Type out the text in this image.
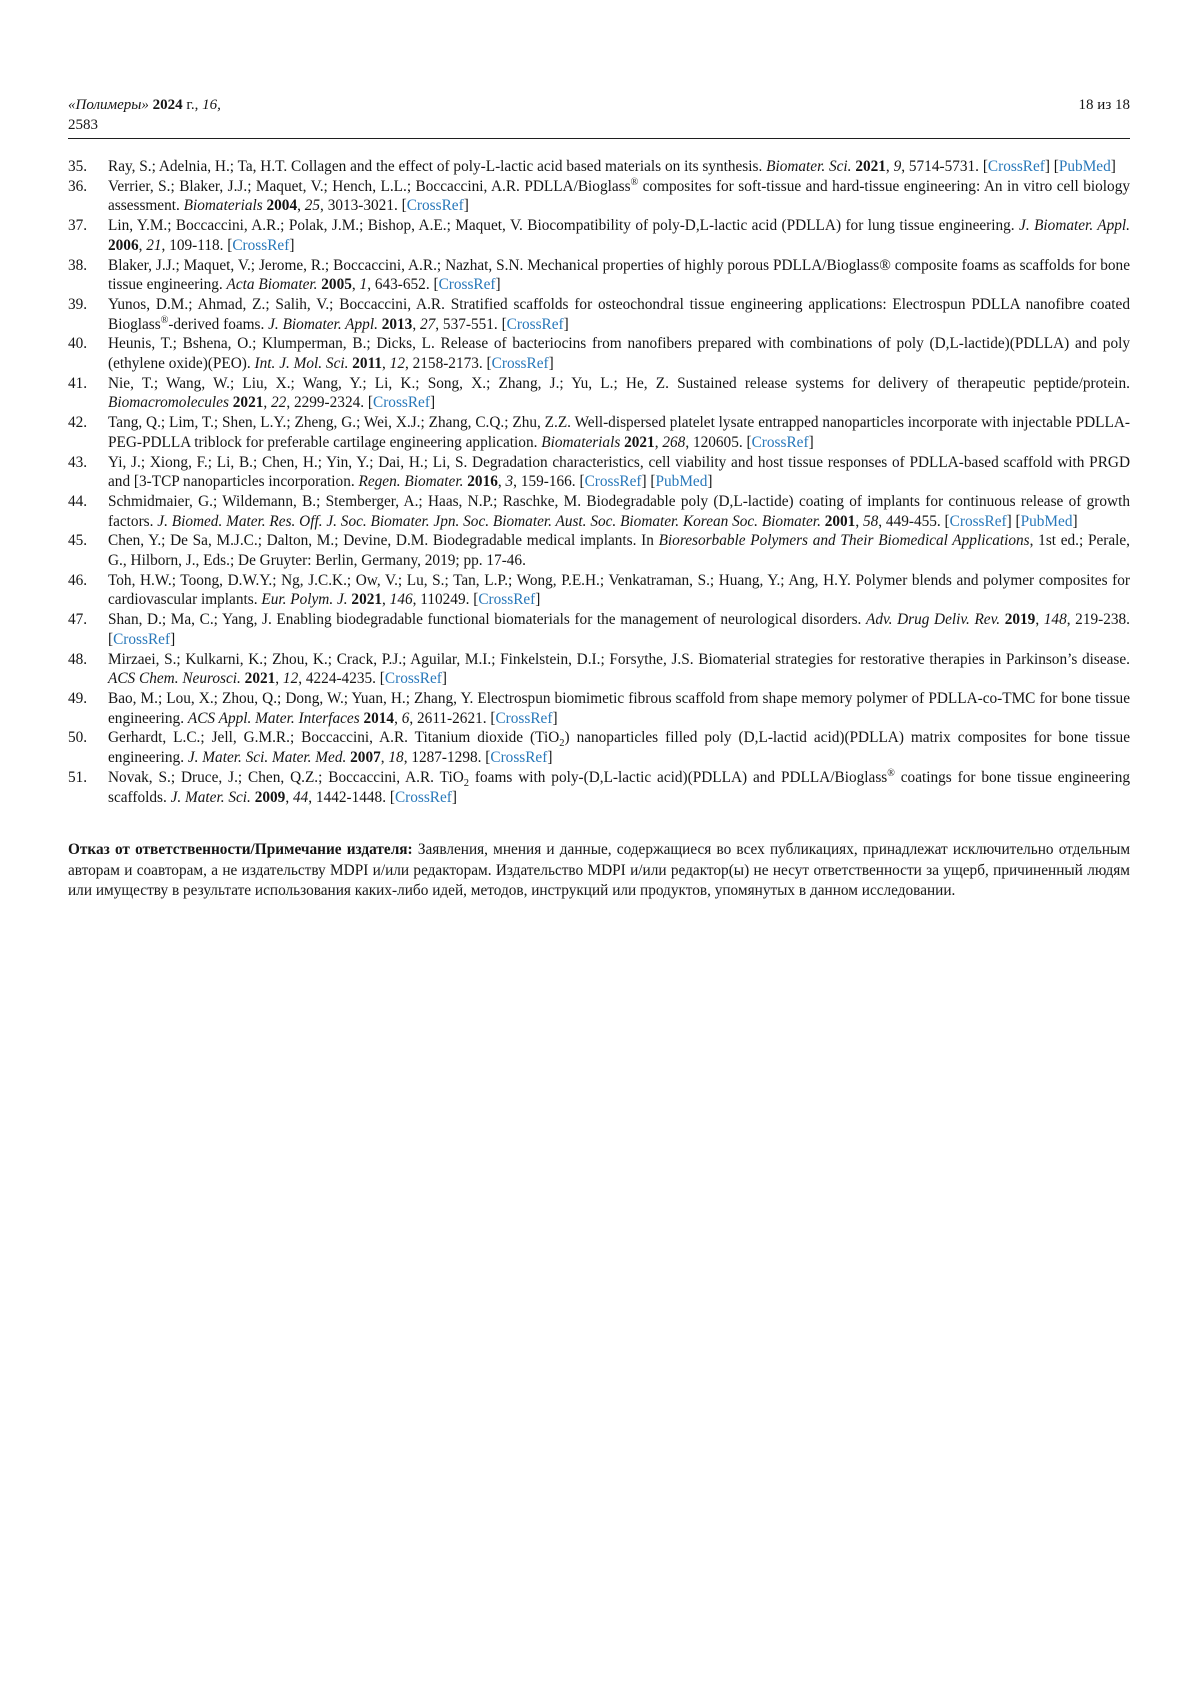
«Полимеры» 2024 г., 16,
2583
18 из 18
35.	Ray, S.; Adelnia, H.; Ta, H.T. Collagen and the effect of poly-L-lactic acid based materials on its synthesis. Biomater. Sci. 2021, 9, 5714-5731. [CrossRef] [PubMed]
36.	Verrier, S.; Blaker, J.J.; Maquet, V.; Hench, L.L.; Boccaccini, A.R. PDLLA/Bioglass® composites for soft-tissue and hard-tissue engineering: An in vitro cell biology assessment. Biomaterials 2004, 25, 3013-3021. [CrossRef]
37.	Lin, Y.M.; Boccaccini, A.R.; Polak, J.M.; Bishop, A.E.; Maquet, V. Biocompatibility of poly-D,L-lactic acid (PDLLA) for lung tissue engineering. J. Biomater. Appl. 2006, 21, 109-118. [CrossRef]
38.	Blaker, J.J.; Maquet, V.; Jerome, R.; Boccaccini, A.R.; Nazhat, S.N. Mechanical properties of highly porous PDLLA/Bioglass® composite foams as scaffolds for bone tissue engineering. Acta Biomater. 2005, 1, 643-652. [CrossRef]
39.	Yunos, D.M.; Ahmad, Z.; Salih, V.; Boccaccini, A.R. Stratified scaffolds for osteochondral tissue engineering applications: Electrospun PDLLA nanofibre coated Bioglass®-derived foams. J. Biomater. Appl. 2013, 27, 537-551. [CrossRef]
40.	Heunis, T.; Bshena, O.; Klumperman, B.; Dicks, L. Release of bacteriocins from nanofibers prepared with combinations of poly (D,L-lactide)(PDLLA) and poly (ethylene oxide)(PEO). Int. J. Mol. Sci. 2011, 12, 2158-2173. [CrossRef]
41.	Nie, T.; Wang, W.; Liu, X.; Wang, Y.; Li, K.; Song, X.; Zhang, J.; Yu, L.; He, Z. Sustained release systems for delivery of therapeutic peptide/protein. Biomacromolecules 2021, 22, 2299-2324. [CrossRef]
42.	Tang, Q.; Lim, T.; Shen, L.Y.; Zheng, G.; Wei, X.J.; Zhang, C.Q.; Zhu, Z.Z. Well-dispersed platelet lysate entrapped nanoparticles incorporate with injectable PDLLA-PEG-PDLLA triblock for preferable cartilage engineering application. Biomaterials 2021, 268, 120605. [CrossRef]
43.	Yi, J.; Xiong, F.; Li, B.; Chen, H.; Yin, Y.; Dai, H.; Li, S. Degradation characteristics, cell viability and host tissue responses of PDLLA-based scaffold with PRGD and [3-TCP nanoparticles incorporation. Regen. Biomater. 2016, 3, 159-166. [CrossRef] [PubMed]
44.	Schmidmaier, G.; Wildemann, B.; Stemberger, A.; Haas, N.P.; Raschke, M. Biodegradable poly (D,L-lactide) coating of implants for continuous release of growth factors. J. Biomed. Mater. Res. Off. J. Soc. Biomater. Jpn. Soc. Biomater. Aust. Soc. Biomater. Korean Soc. Biomater. 2001, 58, 449-455. [CrossRef] [PubMed]
45.	Chen, Y.; De Sa, M.J.C.; Dalton, M.; Devine, D.M. Biodegradable medical implants. In Bioresorbable Polymers and Their Biomedical Applications, 1st ed.; Perale, G., Hilborn, J., Eds.; De Gruyter: Berlin, Germany, 2019; pp. 17-46.
46.	Toh, H.W.; Toong, D.W.Y.; Ng, J.C.K.; Ow, V.; Lu, S.; Tan, L.P.; Wong, P.E.H.; Venkatraman, S.; Huang, Y.; Ang, H.Y. Polymer blends and polymer composites for cardiovascular implants. Eur. Polym. J. 2021, 146, 110249. [CrossRef]
47.	Shan, D.; Ma, C.; Yang, J. Enabling biodegradable functional biomaterials for the management of neurological disorders. Adv. Drug Deliv. Rev. 2019, 148, 219-238. [CrossRef]
48.	Mirzaei, S.; Kulkarni, K.; Zhou, K.; Crack, P.J.; Aguilar, M.I.; Finkelstein, D.I.; Forsythe, J.S. Biomaterial strategies for restorative therapies in Parkinson’s disease. ACS Chem. Neurosci. 2021, 12, 4224-4235. [CrossRef]
49.	Bao, M.; Lou, X.; Zhou, Q.; Dong, W.; Yuan, H.; Zhang, Y. Electrospun biomimetic fibrous scaffold from shape memory polymer of PDLLA-co-TMC for bone tissue engineering. ACS Appl. Mater. Interfaces 2014, 6, 2611-2621. [CrossRef]
50.	Gerhardt, L.C.; Jell, G.M.R.; Boccaccini, A.R. Titanium dioxide (TiO$_2$) nanoparticles filled poly (D,L-lactid acid)(PDLLA) matrix composites for bone tissue engineering. J. Mater. Sci. Mater. Med. 2007, 18, 1287-1298. [CrossRef]
51.	Novak, S.; Druce, J.; Chen, Q.Z.; Boccaccini, A.R. TiO$_2$ foams with poly-(D,L-lactic acid)(PDLLA) and PDLLA/Bioglass® coatings for bone tissue engineering scaffolds. J. Mater. Sci. 2009, 44, 1442-1448. [CrossRef]
Отказ от ответственности/Примечание издателя: Заявления, мнения и данные, содержащиеся во всех публикациях, принадлежат исключительно отдельным авторам и соавторам, а не издательству MDPI и/или редакторам. Издательство MDPI и/или редактор(ы) не несут ответственности за ущерб, причиненный людям или имуществу в результате использования каких-либо идей, методов, инструкций или продуктов, упомянутых в данном исследовании.
